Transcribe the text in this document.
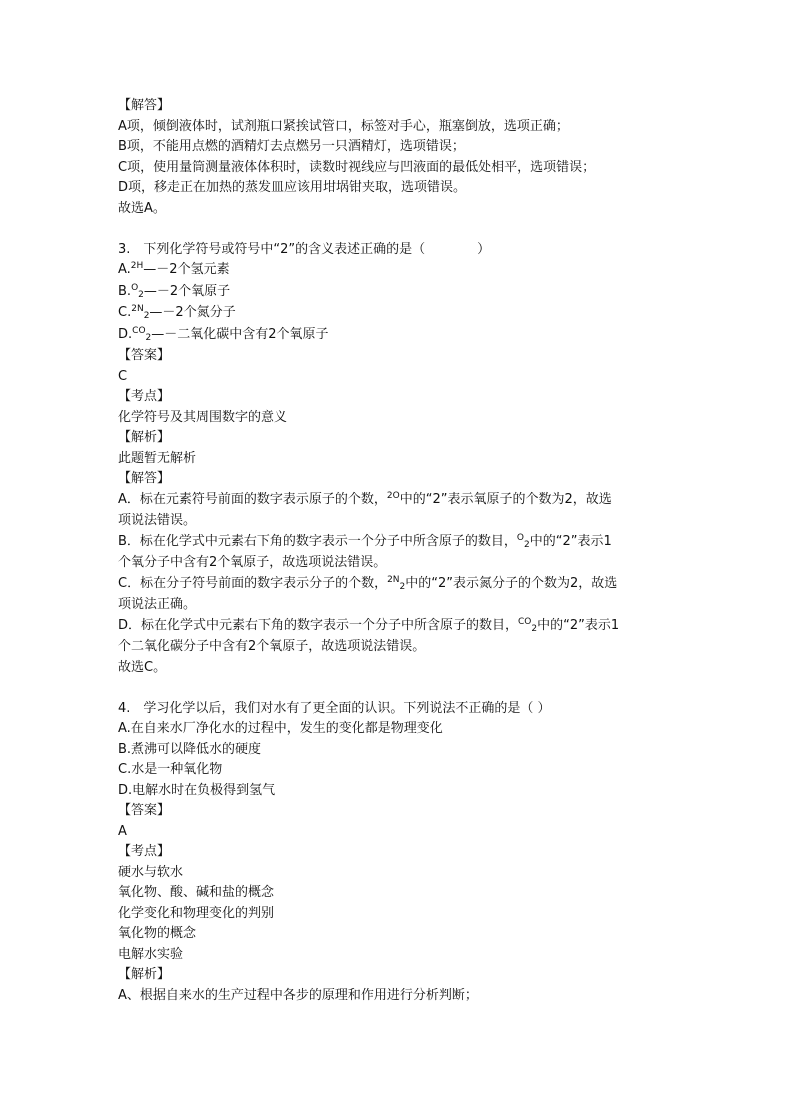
【解答】
A项，倾倒液体时，试剂瓶口紧挨试管口，标签对手心，瓶塞倒放，选项正确；
B项，不能用点燃的酒精灯去点燃另一只酒精灯，选项错误；
C项，使用量筒测量液体体积时，读数时视线应与凹液面的最低处相平，选项错误；
D项，移走正在加热的蒸发皿应该用坩埚钳夹取，选项错误。
故选A。
3.　下列化学符号或符号中“2”的含义表述正确的是（　　　　）
A.$^{2H}$—－2个氢元素
B.$^O$2—－2个氧原子
C.$^{2N}$2—－2个氮分子
D.$^{CO}$2—－二氧化碳中含有2个氧原子
【答案】
C
【考点】
化学符号及其周围数字的意义
【解析】
此题暂无解析
【解答】
A．标在元素符号前面的数字表示原子的个数，$^{2O}$中的“2”表示氧原子的个数为2，故选
项说法错误。
B．标在化学式中元素右下角的数字表示一个分子中所含原子的数目，$^O$2中的“2”表示1
个氧分子中含有2个氧原子，故选项说法错误。
C．标在分子符号前面的数字表示分子的个数，$^{2N}$2中的“2”表示氮分子的个数为2，故选
项说法正确。
D．标在化学式中元素右下角的数字表示一个分子中所含原子的数目，$^{CO}$2中的“2”表示1
个二氧化碳分子中含有2个氧原子，故选项说法错误。
故选C。
4.　学习化学以后，我们对水有了更全面的认识。下列说法不正确的是（ ）
A.在自来水厂净化水的过程中，发生的变化都是物理变化
B.煮沸可以降低水的硬度
C.水是一种氧化物
D.电解水时在负极得到氢气
【答案】
A
【考点】
硬水与软水
氧化物、酸、碱和盐的概念
化学变化和物理变化的判别
氧化物的概念
电解水实验
【解析】
A、根据自来水的生产过程中各步的原理和作用进行分析判断；
